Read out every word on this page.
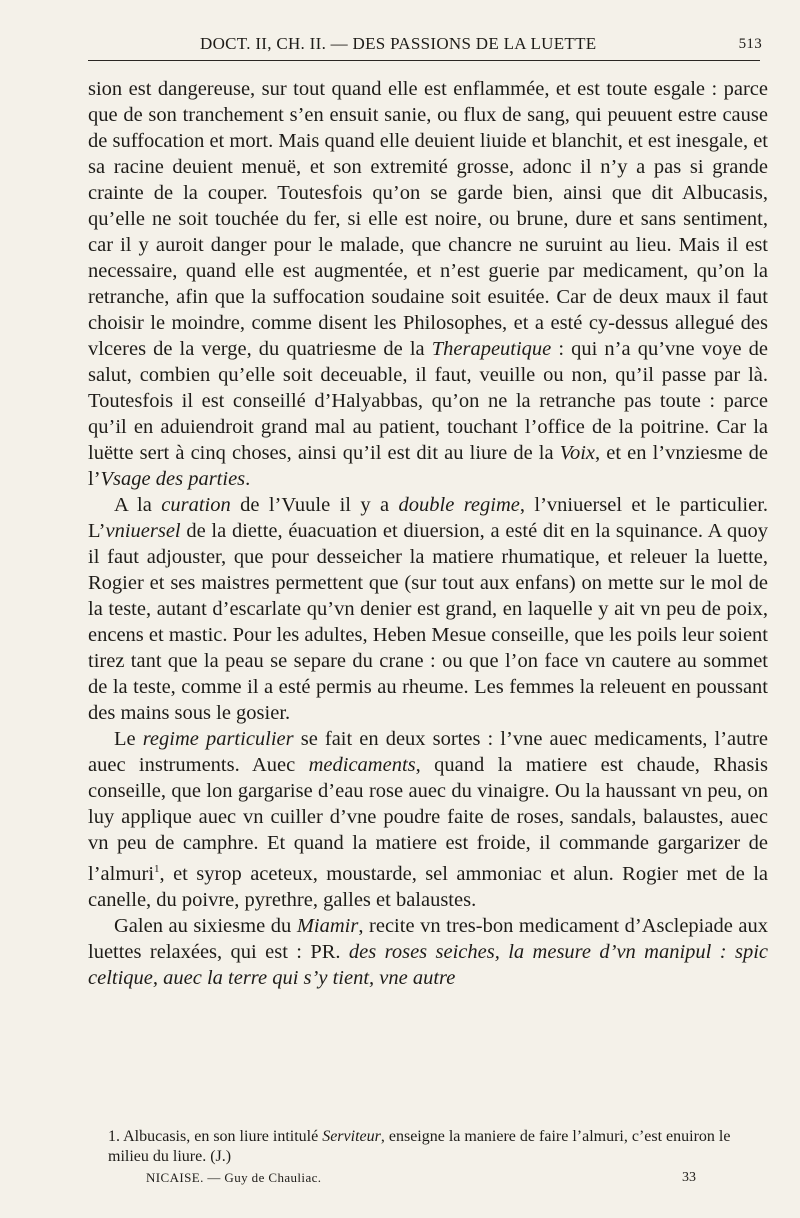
DOCT. II, CH. II. — DES PASSIONS DE LA LUETTE	513

sion est dangereuse, sur tout quand elle est enflammée, et est toute esgale : parce que de son tranchement s’en ensuit sanie, ou flux de sang, qui peuuent estre cause de suffocation et mort. Mais quand elle deuient liuide et blanchit, et est inesgale, et sa racine deuient menuë, et son extremité grosse, adonc il n’y a pas si grande crainte de la couper. Toutesfois qu’on se garde bien, ainsi que dit Albucasis, qu’elle ne soit touchée du fer, si elle est noire, ou brune, dure et sans sentiment, car il y auroit danger pour le malade, que chancre ne suruint au lieu. Mais il est necessaire, quand elle est augmentée, et n’est guerie par medicament, qu’on la retranche, afin que la suffocation soudaine soit esuitée. Car de deux maux il faut choisir le moindre, comme disent les Philosophes, et a esté cy-dessus allegué des vlceres de la verge, du quatriesme de la Therapeutique : qui n’a qu’vne voye de salut, combien qu’elle soit deceuable, il faut, veuille ou non, qu’il passe par là. Toutesfois il est conseillé d’Halyabbas, qu’on ne la retranche pas toute : parce qu’il en aduiendroit grand mal au patient, touchant l’office de la poitrine. Car la luëtte sert à cinq choses, ainsi qu’il est dit au liure de la Voix, et en l’vnziesme de l’Vsage des parties.

A la curation de l’Vuule il y a double regime, l’vniuersel et le particulier. L’vniuersel de la diette, éuacuation et diuersion, a esté dit en la squinance. A quoy il faut adjouster, que pour desseicher la matiere rhumatique, et releuer la luette, Rogier et ses maistres permettent que (sur tout aux enfans) on mette sur le mol de la teste, autant d’escarlate qu’vn denier est grand, en laquelle y ait vn peu de poix, encens et mastic. Pour les adultes, Heben Mesue conseille, que les poils leur soient tirez tant que la peau se separe du crane : ou que l’on face vn cautere au sommet de la teste, comme il a esté permis au rheume. Les femmes la releuent en poussant des mains sous le gosier.

Le regime particulier se fait en deux sortes : l’vne auec medicaments, l’autre auec instruments. Auec medicaments, quand la matiere est chaude, Rhasis conseille, que lon gargarise d’eau rose auec du vinaigre. Ou la haussant vn peu, on luy applique auec vn cuiller d’vne poudre faite de roses, sandals, balaustes, auec vn peu de camphre. Et quand la matiere est froide, il commande gargarizer de l’almuri$^1$, et syrop aceteux, moustarde, sel ammoniac et alun. Rogier met de la canelle, du poivre, pyrethre, galles et balaustes.

Galen au sixiesme du Miamir, recite vn tres-bon medicament d’Asclepiade aux luettes relaxées, qui est : PR. des roses seiches, la mesure d’vn manipul : spic celtique, auec la terre qui s’y tient, vne autre

1. Albucasis, en son liure intitulé Serviteur, enseigne la maniere de faire l’almuri, c’est enuiron le milieu du liure. (J.)
NICAISE. — Guy de Chauliac.	33
